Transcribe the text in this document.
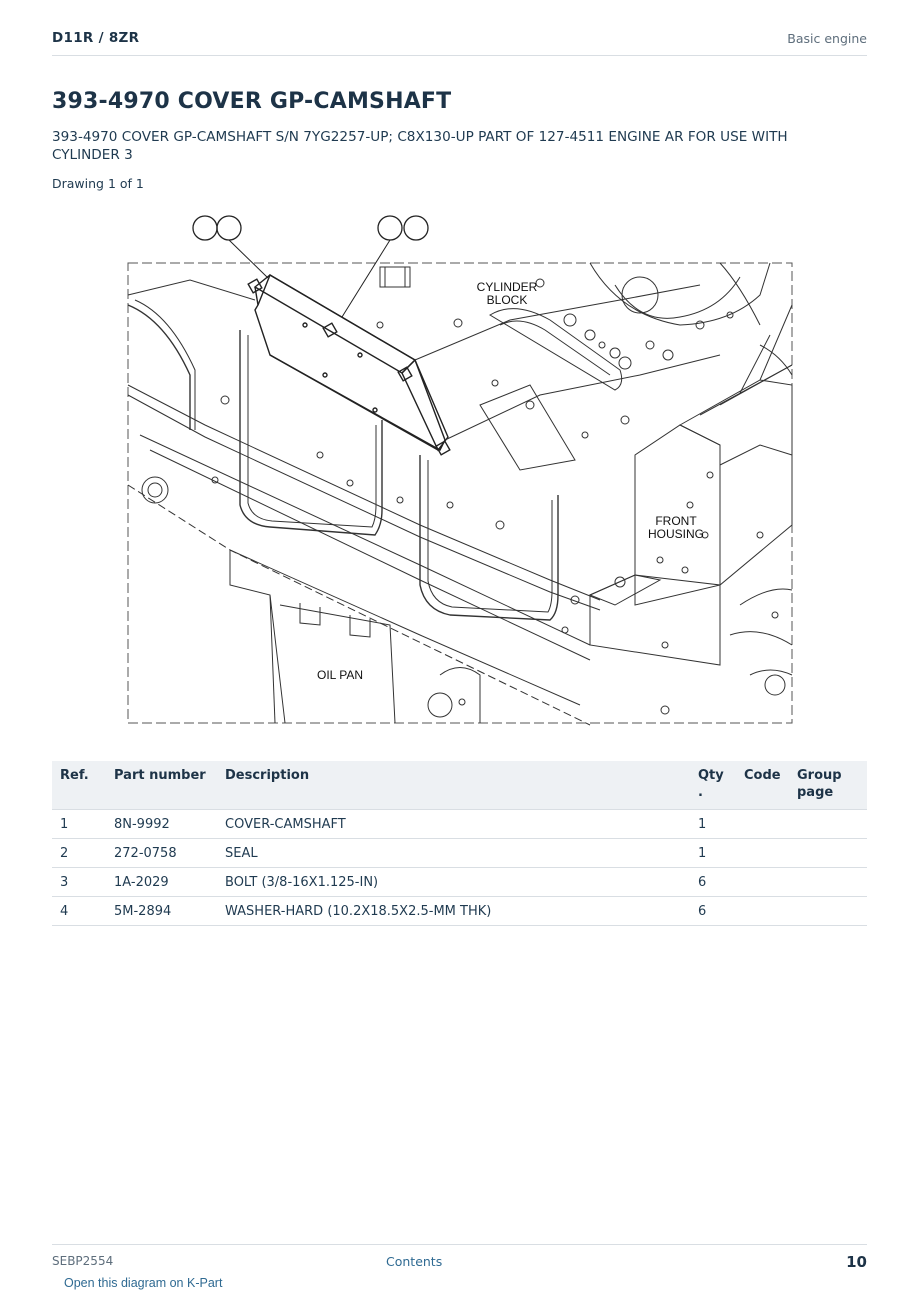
D11R / 8ZR	Basic engine
393-4970 COVER GP-CAMSHAFT

393-4970 COVER GP-CAMSHAFT S/N 7YG2257-UP; C8X130-UP PART OF 127-4511 ENGINE AR FOR USE WITH CYLINDER 3

Drawing 1 of 1
CYLINDER
BLOCK
FRONT
HOUSING
OIL PAN
Ref.	Part number	Description	Qty .	Code	Group page
1	8N-9992	COVER-CAMSHAFT	1		
2	272-0758	SEAL	1		
3	1A-2029	BOLT (3/8-16X1.125-IN)	6		
4	5M-2894	WASHER-HARD (10.2X18.5X2.5-MM THK)	6		
SEBP2554	Contents	10
Open this diagram on K-Part
